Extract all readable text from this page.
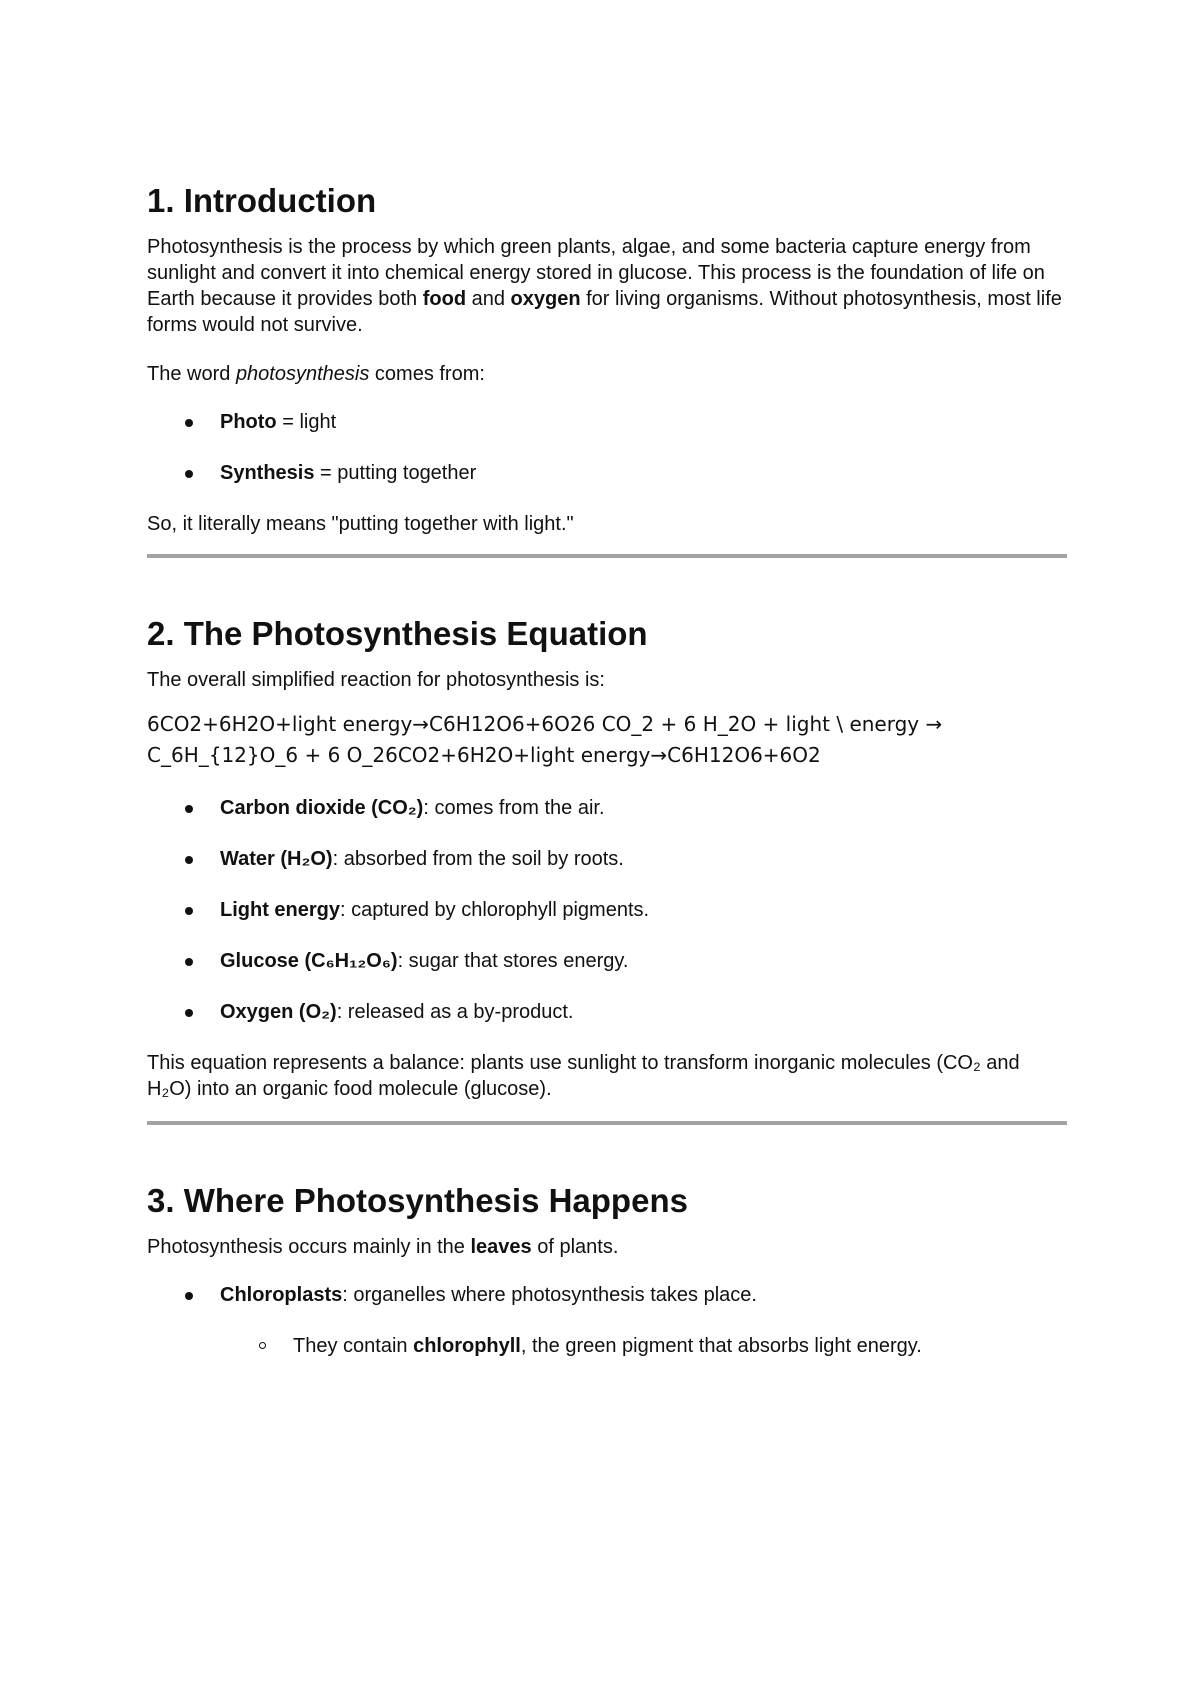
1. Introduction

Photosynthesis is the process by which green plants, algae, and some bacteria capture energy from sunlight and convert it into chemical energy stored in glucose. This process is the foundation of life on Earth because it provides both food and oxygen for living organisms. Without photosynthesis, most life forms would not survive.

The word photosynthesis comes from:

Photo = light
Synthesis = putting together

So, it literally means "putting together with light."

2. The Photosynthesis Equation

The overall simplified reaction for photosynthesis is:

6CO2+6H2O+light energy→C6H12O6+6O26 CO_2 + 6 H_2O + light \ energy → C_6H_{12}O_6 + 6 O_26CO2+6H2O+light energy→C6H12O6+6O2

Carbon dioxide (CO₂): comes from the air.
Water (H₂O): absorbed from the soil by roots.
Light energy: captured by chlorophyll pigments.
Glucose (C₆H₁₂O₆): sugar that stores energy.
Oxygen (O₂): released as a by-product.

This equation represents a balance: plants use sunlight to transform inorganic molecules (CO₂ and H₂O) into an organic food molecule (glucose).

3. Where Photosynthesis Happens

Photosynthesis occurs mainly in the leaves of plants.

Chloroplasts: organelles where photosynthesis takes place.
They contain chlorophyll, the green pigment that absorbs light energy.
